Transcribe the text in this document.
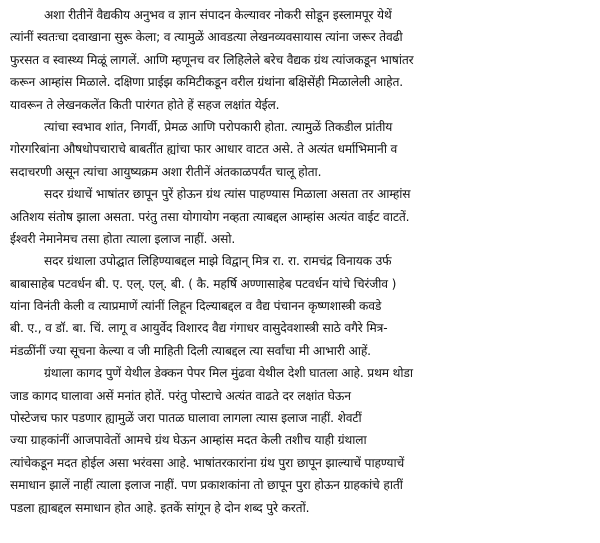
अशा रीतीनें वैद्यकीय अनुभव व ज्ञान संपादन केल्यावर नोकरी सोडून इस्लामपूर येथें
त्यांनीं स्वतःचा दवाखाना सुरू केला; व त्यामुळें आवडत्या लेखनव्यवसायास त्यांना जरूर तेवढी
फुरसत व स्वास्थ्य मिळूं लागलें. आणि म्हणूनच वर लिहिलेले बरेच वैद्यक ग्रंथ त्यांजकडून भाषांतर
करून आम्हांस मिळाले. दक्षिणा प्राईझ कमिटीकडून वरील ग्रंथांना बक्षिसेंही मिळालेली आहेत.
यावरून ते लेखनकलेंत किती पारंगत होते हें सहज लक्षांत येईल.
त्यांचा स्वभाव शांत, निगर्वी, प्रेमळ आणि परोपकारी होता. त्यामुळें तिकडील प्रांतीय
गोरगरिबांना औषधोपचाराचे बाबतींत ह्यांचा फार आधार वाटत असे. ते अत्यंत धर्माभिमानी व
सदाचरणी असून त्यांचा आयुष्यक्रम अशा रीतीनें अंतकाळपर्यंत चालू होता.
सदर ग्रंथाचें भाषांतर छापून पुरें होऊन ग्रंथ त्यांस पाहण्यास मिळाला असता तर आम्हांस
अतिशय संतोष झाला असता. परंतु तसा योगायोग नव्हता त्याबद्दल आम्हांस अत्यंत वाईट वाटतें.
ईश्वरी नेमानेमच तसा होता त्याला इलाज नाहीं. असो.
सदर ग्रंथाला उपोद्घात लिहिण्याबद्दल माझे विद्वान् मित्र रा. रा. रामचंद्र विनायक उर्फ
बाबासाहेब पटवर्धन बी. ए. एल्. एल्. बी. ( कै. महर्षि अण्णासाहेब पटवर्धन यांचे चिरंजीव )
यांना विनंती केली व त्याप्रमाणें त्यांनीं लिहून दिल्याबद्दल व वैद्य पंचानन कृष्णशास्त्री कवडे
बी. ए., व डॉ. बा. चिं. लागू व आयुर्वेद विशारद वैद्य गंगाधर वासुदेवशास्त्री साठे वगैरे मित्र-
मंडळींनीं ज्या सूचना केल्या व जी माहिती दिली त्याबद्दल त्या सर्वांचा मी आभारी आहें.
ग्रंथाला कागद पुणें येथील डेक्कन पेपर मिल मुंढवा येथील देशी घातला आहे. प्रथम थोडा
जाड कागद घालावा असें मनांत होतें. परंतु पोस्टाचे अत्यंत वाढते दर लक्षांत घेऊन
पोस्टेजच फार पडणार ह्यामुळें जरा पातळ घालावा लागला त्यास इलाज नाहीं. शेवटीं
ज्या ग्राहकांनीं आजपावेतों आमचे ग्रंथ घेऊन आम्हांस मदत केली तशीच याही ग्रंथाला
त्यांचेकडून मदत होईल असा भरंवसा आहे. भाषांतरकारांना ग्रंथ पुरा छापून झाल्याचें पाहण्याचें
समाधान झालें नाहीं त्याला इलाज नाहीं. पण प्रकाशकांना तो छापून पुरा होऊन ग्राहकांचे हातीं
पडला ह्याबद्दल समाधान होत आहे. इतकें सांगून हे दोन शब्द पुरे करतों.
